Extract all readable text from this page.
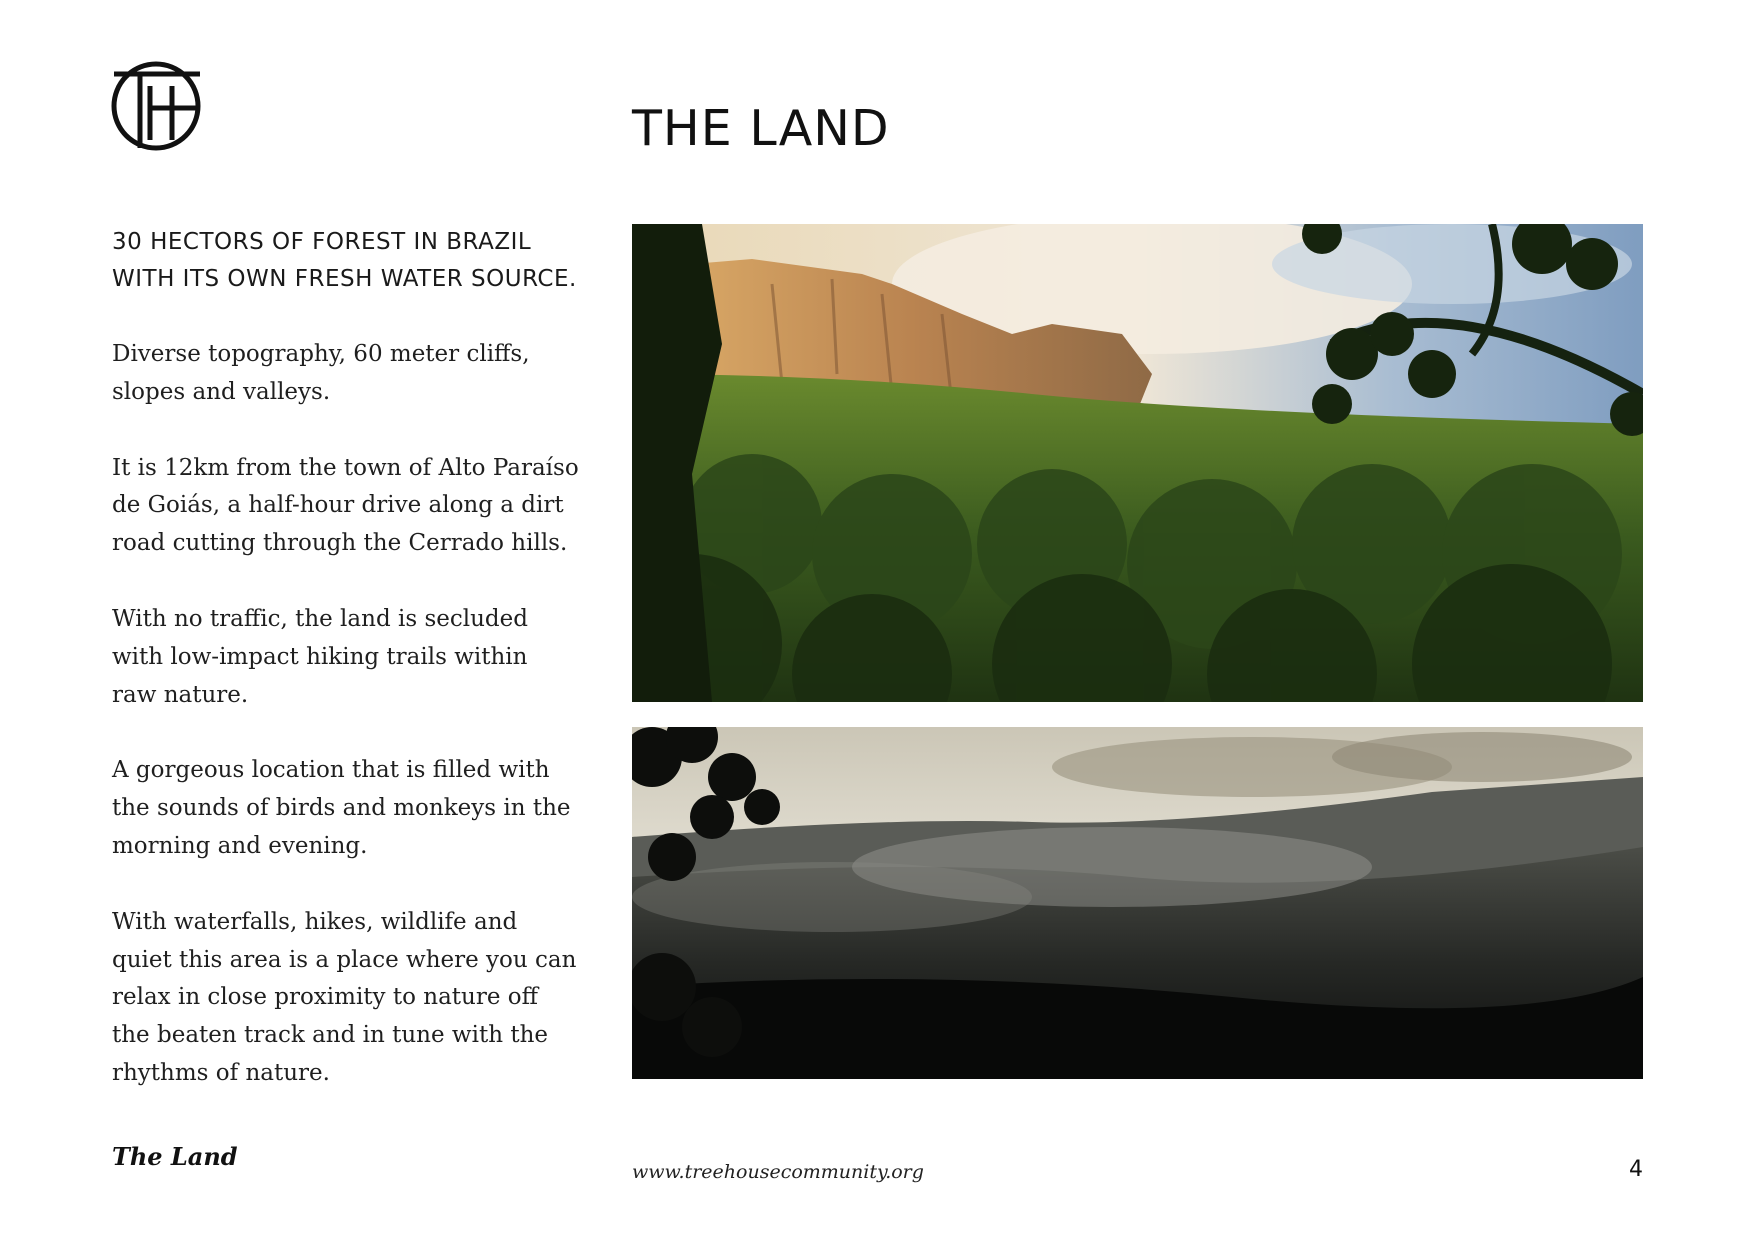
THE LAND

30 HECTORS OF FOREST IN BRAZIL
WITH ITS OWN FRESH WATER SOURCE.

Diverse topography, 60 meter cliffs,
slopes and valleys.

It is 12km from the town of Alto Paraíso
de Goiás, a half-hour drive along a dirt
road cutting through the Cerrado hills.

With no traffic, the land is secluded
with low-impact hiking trails within
raw nature.

A gorgeous location that is filled with
the sounds of birds and monkeys in the
morning and evening.

With waterfalls, hikes, wildlife and
quiet this area is a place where you can
relax in close proximity to nature off
the beaten track and in tune with the
rhythms of nature.

The Land
www.treehousecommunity.org	4
